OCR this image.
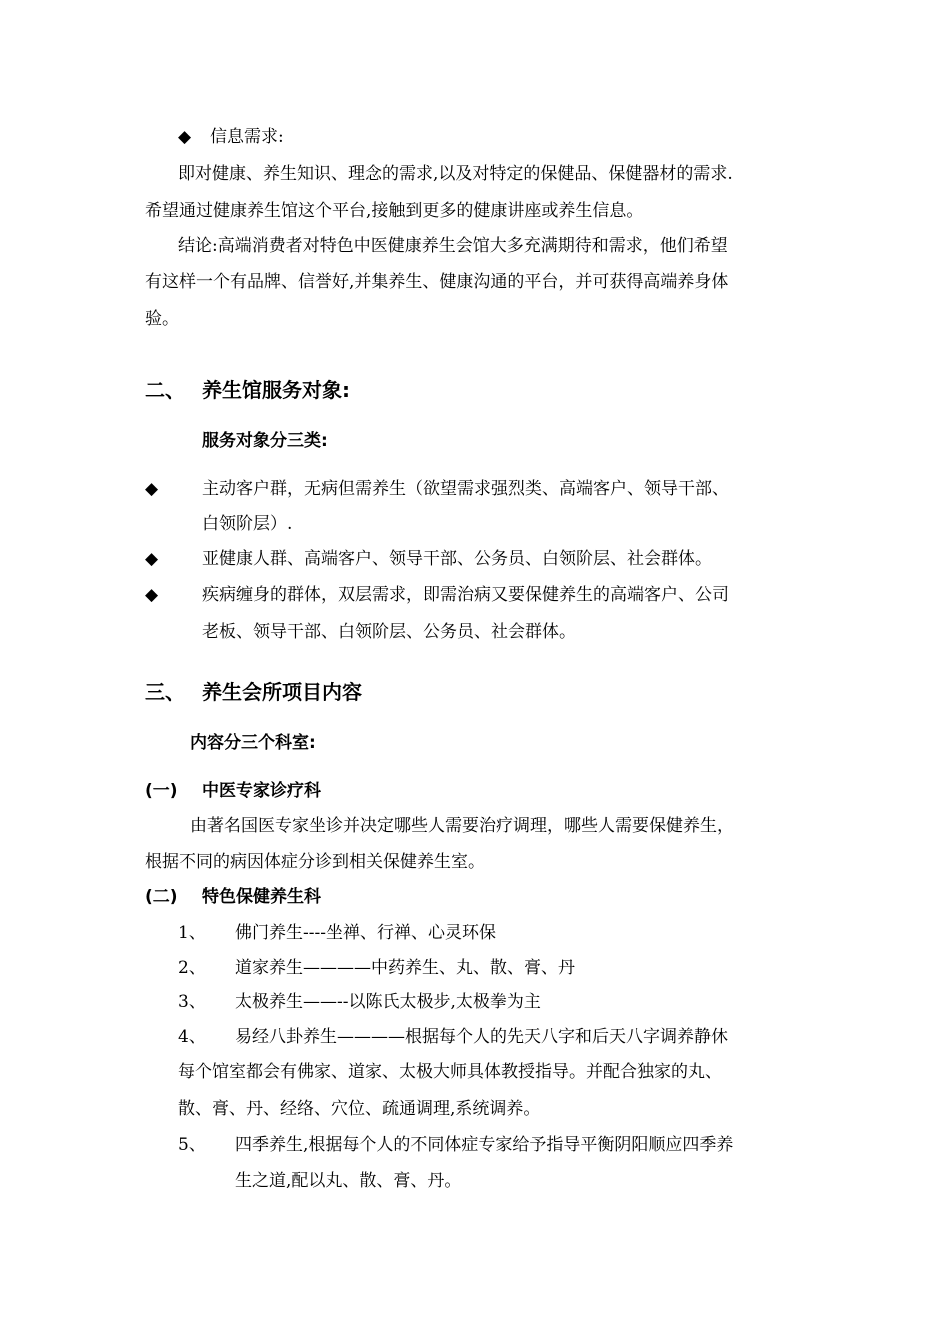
◆ 信息需求:
即对健康、养生知识、理念的需求,以及对特定的保健品、保健器材的需求.
希望通过健康养生馆这个平台,接触到更多的健康讲座或养生信息。
结论:高端消费者对特色中医健康养生会馆大多充满期待和需求，他们希望
有这样一个有品牌、信誉好,并集养生、健康沟通的平台，并可获得高端养身体
验。
二、 养生馆服务对象:
服务对象分三类:
◆	主动客户群，无病但需养生（欲望需求强烈类、高端客户、领导干部、
白领阶层）.
◆	亚健康人群、高端客户、领导干部、公务员、白领阶层、社会群体。
◆	疾病缠身的群体，双层需求，即需治病又要保健养生的高端客户、公司
老板、领导干部、白领阶层、公务员、社会群体。
三、 养生会所项目内容
内容分三个科室:
(一) 中医专家诊疗科
由著名国医专家坐诊并决定哪些人需要治疗调理，哪些人需要保健养生，
根据不同的病因体症分诊到相关保健养生室。
(二) 特色保健养生科
1、 佛门养生----坐禅、行禅、心灵环保
2、 道家养生————中药养生、丸、散、膏、丹
3、 太极养生——--以陈氏太极步,太极拳为主
4、 易经八卦养生————根据每个人的先天八字和后天八字调养静休
每个馆室都会有佛家、道家、太极大师具体教授指导。并配合独家的丸、
散、膏、丹、经络、穴位、疏通调理,系统调养。
5、 四季养生,根据每个人的不同体症专家给予指导平衡阴阳顺应四季养
生之道,配以丸、散、膏、丹。
